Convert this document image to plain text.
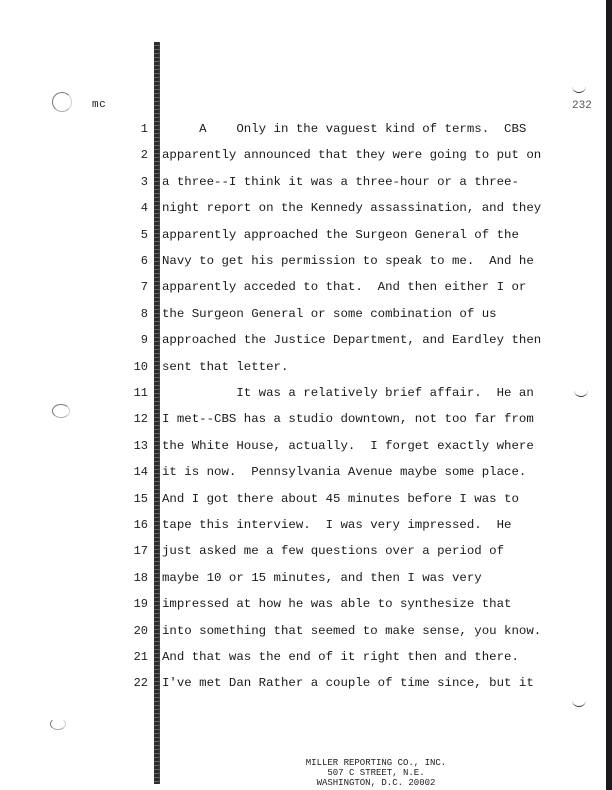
mc	232
1 A    Only in the vaguest kind of terms.  CBS
2 apparently announced that they were going to put on
3 a three--I think it was a three-hour or a three-
4 night report on the Kennedy assassination, and they
5 apparently approached the Surgeon General of the
6 Navy to get his permission to speak to me.  And he
7 apparently acceded to that.  And then either I or
8 the Surgeon General or some combination of us
9 approached the Justice Department, and Eardley then
10 sent that letter.
11 It was a relatively brief affair.  He an
12 I met--CBS has a studio downtown, not too far from
13 the White House, actually.  I forget exactly where
14 it is now.  Pennsylvania Avenue maybe some place.
15 And I got there about 45 minutes before I was to
16 tape this interview.  I was very impressed.  He
17 just asked me a few questions over a period of
18 maybe 10 or 15 minutes, and then I was very
19 impressed at how he was able to synthesize that
20 into something that seemed to make sense, you know.
21 And that was the end of it right then and there.
22 I've met Dan Rather a couple of time since, but it
MILLER REPORTING CO., INC.
507 C STREET, N.E.
WASHINGTON, D.C. 20002
